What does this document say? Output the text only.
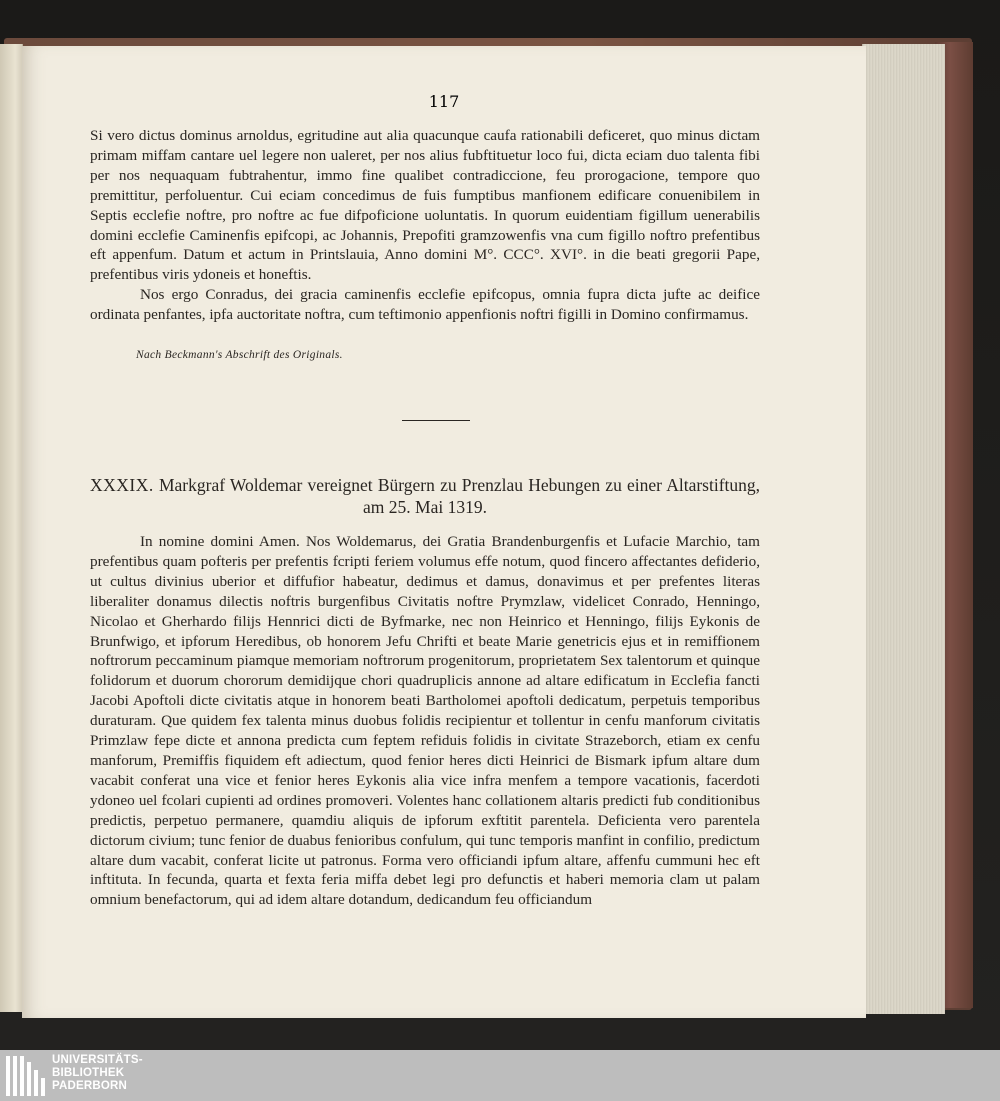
117

Si vero dictus dominus arnoldus, egritudine aut alia quacunque caufa rationabili deficeret, quo minus dictam primam miffam cantare uel legere non ualeret, per nos alius fubftituetur loco fui, dicta eciam duo talenta fibi per nos nequaquam fubtrahentur, immo fine qualibet contradiccione, feu prorogacione, tempore quo premittitur, perfoluentur. Cui eciam concedimus de fuis fumptibus manfionem edificare conuenibilem in Septis ecclefie noftre, pro noftre ac fue difpoficione uoluntatis. In quorum euidentiam figillum uenerabilis domini ecclefie Caminenfis epifcopi, ac Johannis, Prepofiti gramzowenfis vna cum figillo noftro prefentibus eft appenfum. Datum et actum in Printslauia, Anno domini M°. CCC°. XVI°. in die beati gregorii Pape, prefentibus viris ydoneis et honeftis.

Nos ergo Conradus, dei gracia caminenfis ecclefie epifcopus, omnia fupra dicta jufte ac deifice ordinata penfantes, ipfa auctoritate noftra, cum teftimonio appenfionis noftri figilli in Domino confirmamus.

Nach Beckmann's Abschrift des Originals.
XXXIX. Markgraf Woldemar vereignet Bürgern zu Prenzlau Hebungen zu einer Altarstiftung,
am 25. Mai 1319.

In nomine domini Amen. Nos Woldemarus, dei Gratia Brandenburgenfis et Lufacie Marchio, tam prefentibus quam pofteris per prefentis fcripti feriem volumus effe notum, quod fincero affectantes defiderio, ut cultus divinius uberior et diffufior habeatur, dedimus et damus, donavimus et per prefentes literas liberaliter donamus dilectis noftris burgenfibus Civitatis noftre Prymzlaw, videlicet Conrado, Henningo, Nicolao et Gherhardo filijs Hennrici dicti de Byfmarke, nec non Heinrico et Henningo, filijs Eykonis de Brunfwigo, et ipforum Heredibus, ob honorem Jefu Chrifti et beate Marie genetricis ejus et in remiffionem noftrorum peccaminum piamque memoriam noftrorum progenitorum, proprietatem Sex talentorum et quinque folidorum et duorum chororum demidijque chori quadruplicis annone ad altare edificatum in Ecclefia fancti Jacobi Apoftoli dicte civitatis atque in honorem beati Bartholomei apoftoli dedicatum, perpetuis temporibus duraturam. Que quidem fex talenta minus duobus folidis recipientur et tollentur in cenfu manforum civitatis Primzlaw fepe dicte et annona predicta cum feptem refiduis folidis in civitate Strazeborch, etiam ex cenfu manforum, Premiffis fiquidem eft adiectum, quod fenior heres dicti Heinrici de Bismark ipfum altare dum vacabit conferat una vice et fenior heres Eykonis alia vice infra menfem a tempore vacationis, facerdoti ydoneo uel fcolari cupienti ad ordines promoveri. Volentes hanc collationem altaris predicti fub conditionibus predictis, perpetuo permanere, quamdiu aliquis de ipforum exftitit parentela. Deficienta vero parentela dictorum civium; tunc fenior de duabus fenioribus confulum, qui tunc temporis manfint in confilio, predictum altare dum vacabit, conferat licite ut patronus. Forma vero officiandi ipfum altare, affenfu cummuni hec eft inftituta. In fecunda, quarta et fexta feria miffa debet legi pro defunctis et haberi memoria clam ut palam omnium benefactorum, qui ad idem altare dotandum, dedicandum feu officiandum

UNIVERSITÄTS-
BIBLIOTHEK
PADERBORN
